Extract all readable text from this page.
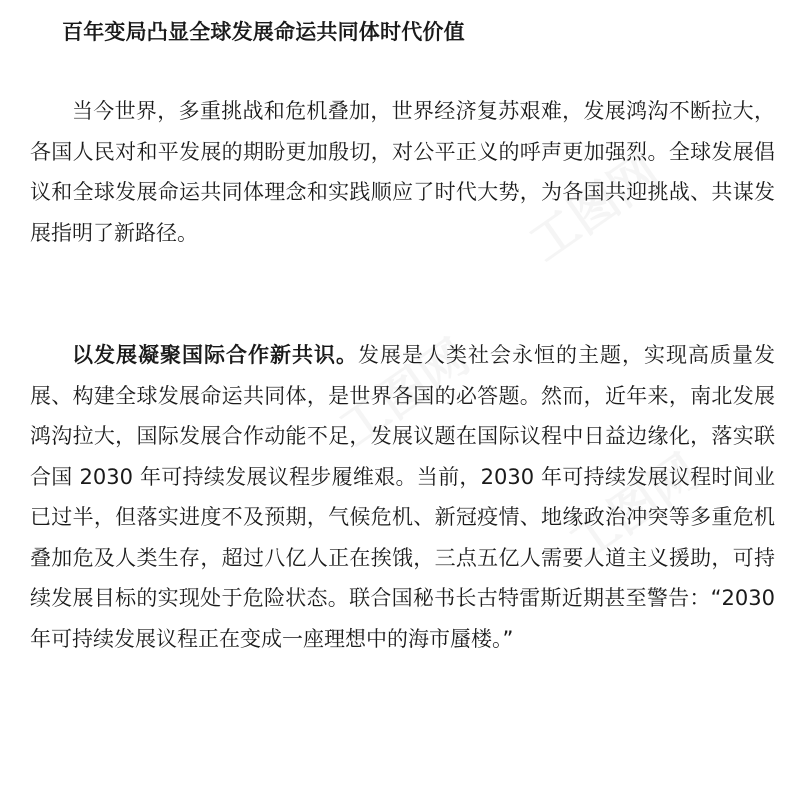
工图网
工图网
工图网
百年变局凸显全球发展命运共同体时代价值

当今世界，多重挑战和危机叠加，世界经济复苏艰难，发展鸿沟不断拉大，各国人民对和平发展的期盼更加殷切，对公平正义的呼声更加强烈。全球发展倡议和全球发展命运共同体理念和实践顺应了时代大势，为各国共迎挑战、共谋发展指明了新路径。

以发展凝聚国际合作新共识。发展是人类社会永恒的主题，实现高质量发展、构建全球发展命运共同体，是世界各国的必答题。然而，近年来，南北发展鸿沟拉大，国际发展合作动能不足，发展议题在国际议程中日益边缘化，落实联合国 2030 年可持续发展议程步履维艰。当前，2030 年可持续发展议程时间业已过半，但落实进度不及预期，气候危机、新冠疫情、地缘政治冲突等多重危机叠加危及人类生存，超过八亿人正在挨饿，三点五亿人需要人道主义援助，可持续发展目标的实现处于危险状态。联合国秘书长古特雷斯近期甚至警告：“2030 年可持续发展议程正在变成一座理想中的海市蜃楼。”
